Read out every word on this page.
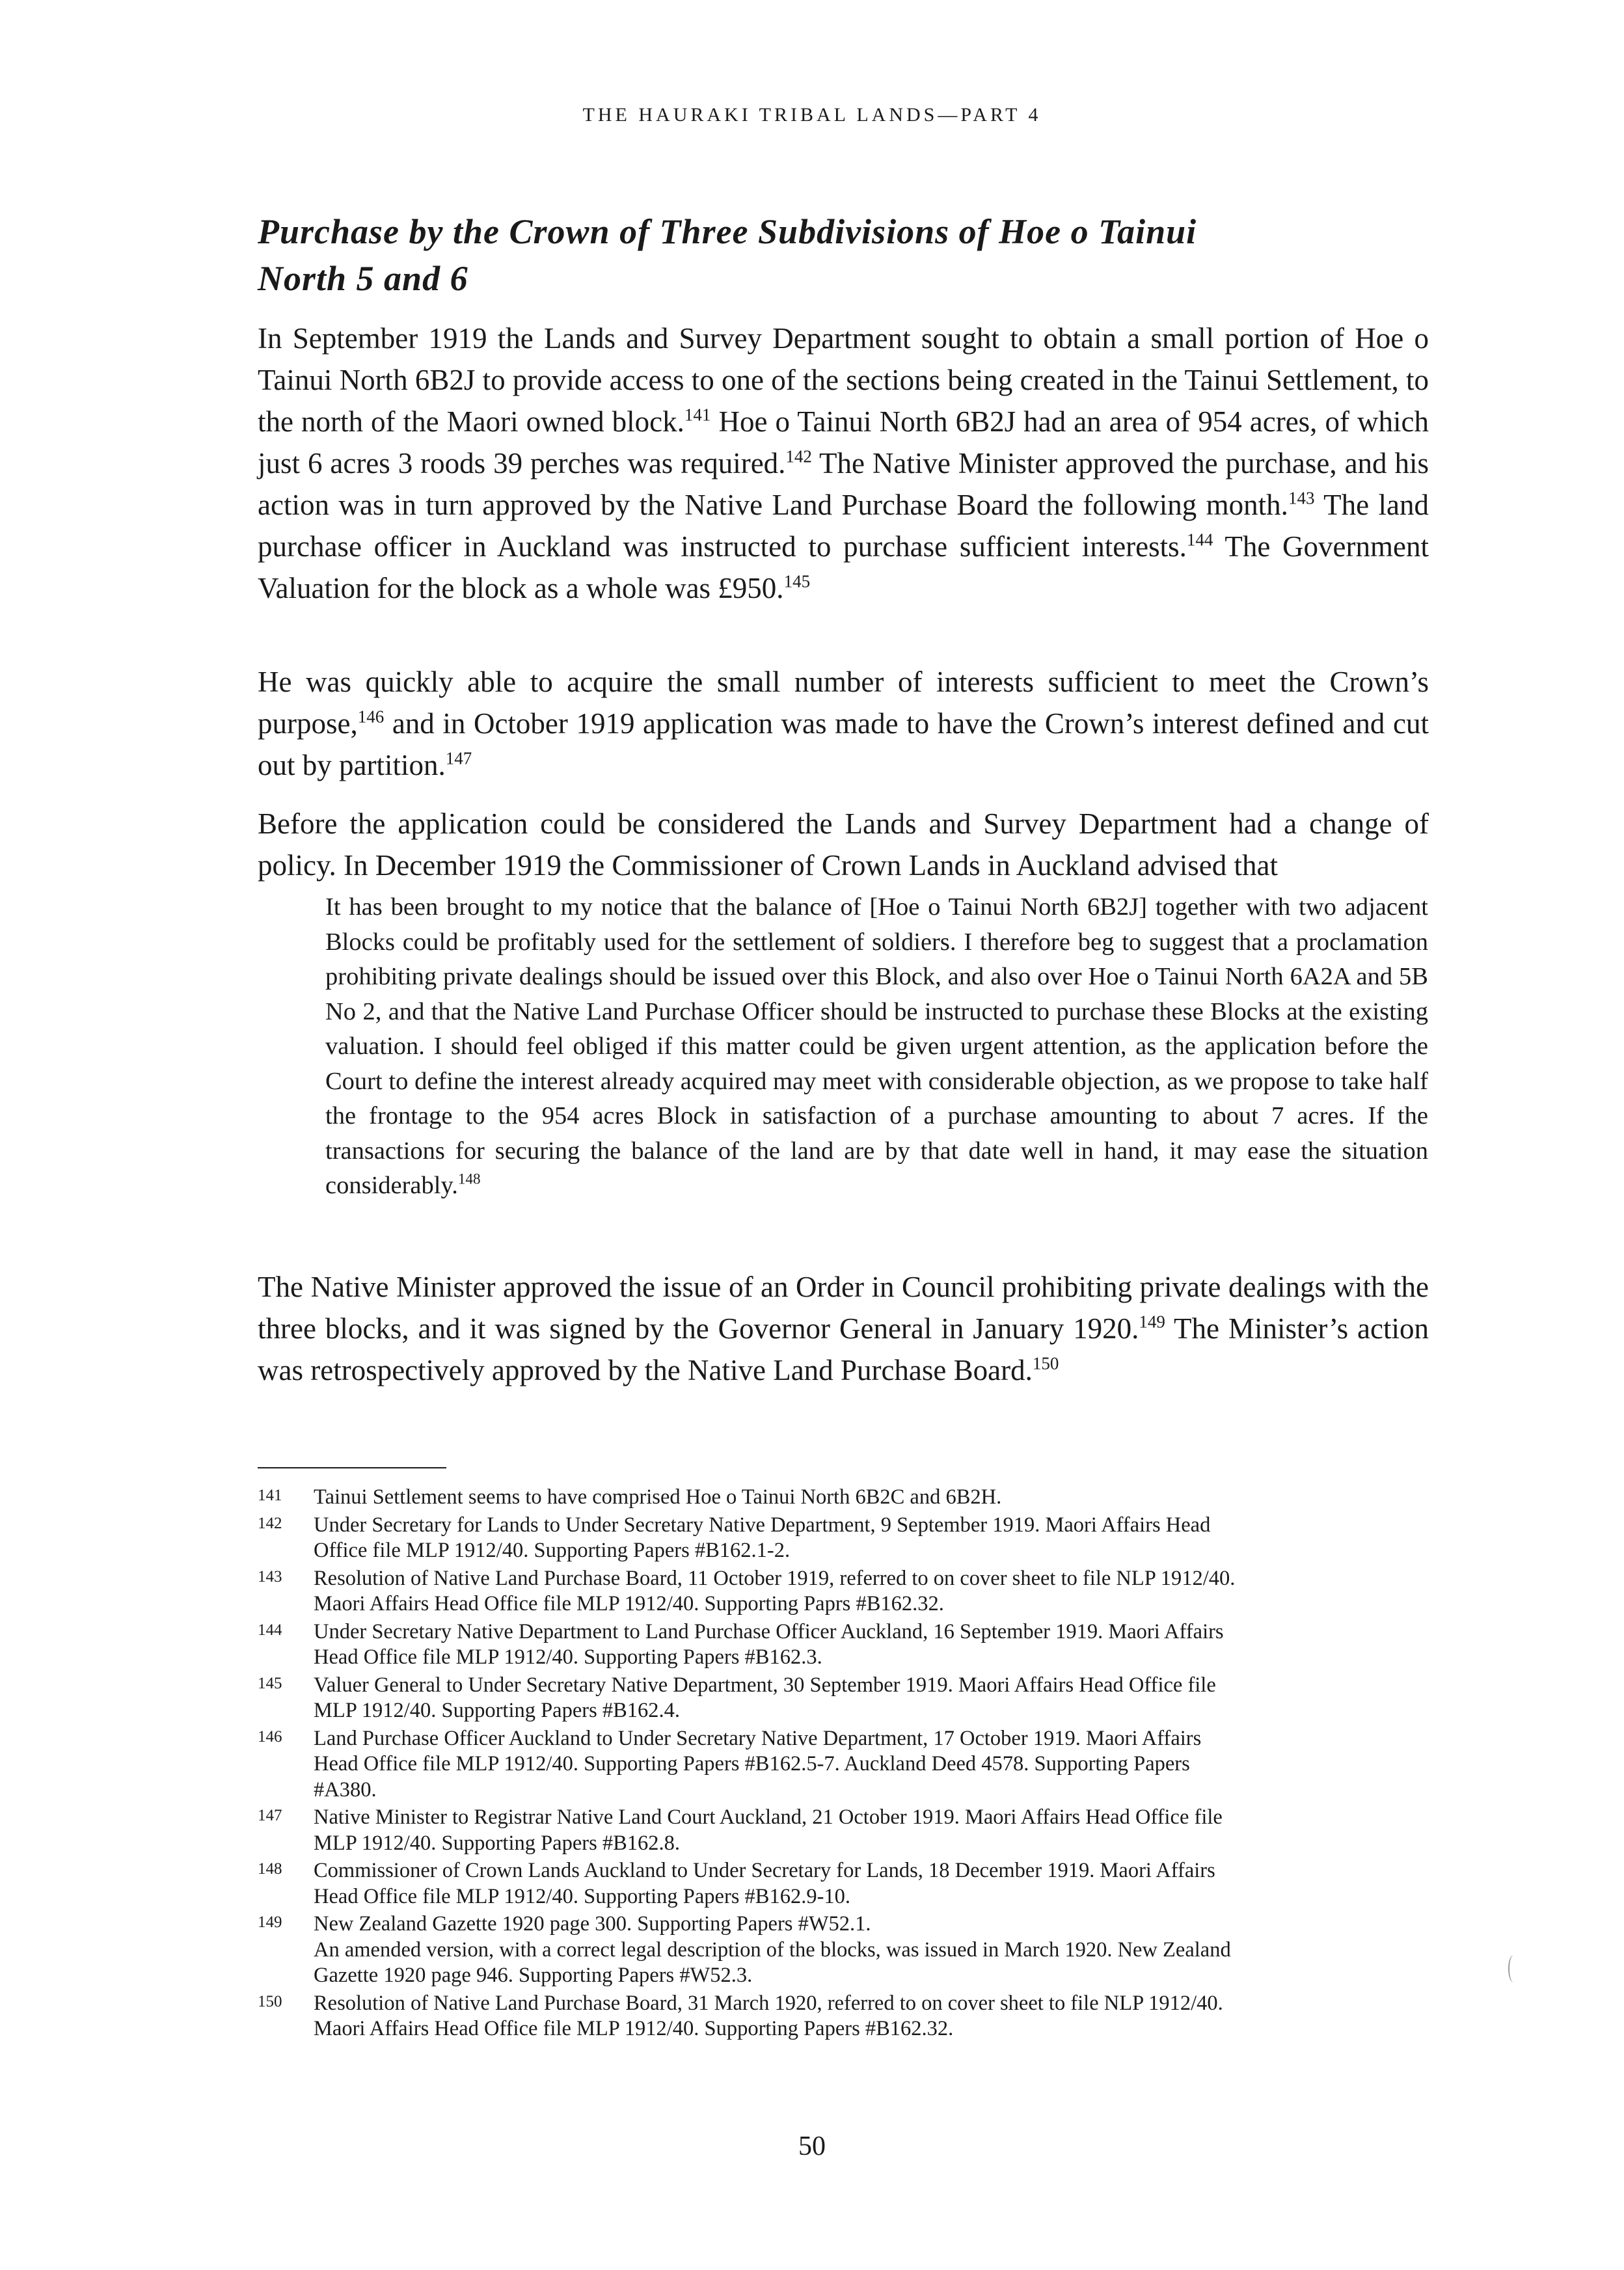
THE HAURAKI TRIBAL LANDS—PART 4
Purchase by the Crown of Three Subdivisions of Hoe o Tainui
North 5 and 6

In September 1919 the Lands and Survey Department sought to obtain a small portion of Hoe o Tainui North 6B2J to provide access to one of the sections being created in the Tainui Settlement, to the north of the Maori owned block.$^{141}$ Hoe o Tainui North 6B2J had an area of 954 acres, of which just 6 acres 3 roods 39 perches was required.$^{142}$ The Native Minister approved the purchase, and his action was in turn approved by the Native Land Purchase Board the following month.$^{143}$ The land purchase officer in Auckland was instructed to purchase sufficient interests.$^{144}$ The Government Valuation for the block as a whole was £950.$^{145}$

He was quickly able to acquire the small number of interests sufficient to meet the Crown’s purpose,$^{146}$ and in October 1919 application was made to have the Crown’s interest defined and cut out by partition.$^{147}$

Before the application could be considered the Lands and Survey Department had a change of policy. In December 1919 the Commissioner of Crown Lands in Auckland advised that

It has been brought to my notice that the balance of [Hoe o Tainui North 6B2J] together with two adjacent Blocks could be profitably used for the settlement of soldiers. I therefore beg to suggest that a proclamation prohibiting private dealings should be issued over this Block, and also over Hoe o Tainui North 6A2A and 5B No 2, and that the Native Land Purchase Officer should be instructed to purchase these Blocks at the existing valuation. I should feel obliged if this matter could be given urgent attention, as the application before the Court to define the interest already acquired may meet with considerable objection, as we propose to take half the frontage to the 954 acres Block in satisfaction of a purchase amounting to about 7 acres. If the transactions for securing the balance of the land are by that date well in hand, it may ease the situation considerably.$^{148}$

The Native Minister approved the issue of an Order in Council prohibiting private dealings with the three blocks, and it was signed by the Governor General in January 1920.$^{149}$ The Minister’s action was retrospectively approved by the Native Land Purchase Board.$^{150}$

141 Tainui Settlement seems to have comprised Hoe o Tainui North 6B2C and 6B2H.
142 Under Secretary for Lands to Under Secretary Native Department, 9 September 1919. Maori Affairs Head
Office file MLP 1912/40. Supporting Papers #B162.1-2.
143 Resolution of Native Land Purchase Board, 11 October 1919, referred to on cover sheet to file NLP 1912/40.
Maori Affairs Head Office file MLP 1912/40. Supporting Paprs #B162.32.
144 Under Secretary Native Department to Land Purchase Officer Auckland, 16 September 1919. Maori Affairs
Head Office file MLP 1912/40. Supporting Papers #B162.3.
145 Valuer General to Under Secretary Native Department, 30 September 1919. Maori Affairs Head Office file
MLP 1912/40. Supporting Papers #B162.4.
146 Land Purchase Officer Auckland to Under Secretary Native Department, 17 October 1919. Maori Affairs
Head Office file MLP 1912/40. Supporting Papers #B162.5-7. Auckland Deed 4578. Supporting Papers
#A380.
147 Native Minister to Registrar Native Land Court Auckland, 21 October 1919. Maori Affairs Head Office file
MLP 1912/40. Supporting Papers #B162.8.
148 Commissioner of Crown Lands Auckland to Under Secretary for Lands, 18 December 1919. Maori Affairs
Head Office file MLP 1912/40. Supporting Papers #B162.9-10.
149 New Zealand Gazette 1920 page 300. Supporting Papers #W52.1.
An amended version, with a correct legal description of the blocks, was issued in March 1920. New Zealand
Gazette 1920 page 946. Supporting Papers #W52.3.
150 Resolution of Native Land Purchase Board, 31 March 1920, referred to on cover sheet to file NLP 1912/40.
Maori Affairs Head Office file MLP 1912/40. Supporting Papers #B162.32.
50
